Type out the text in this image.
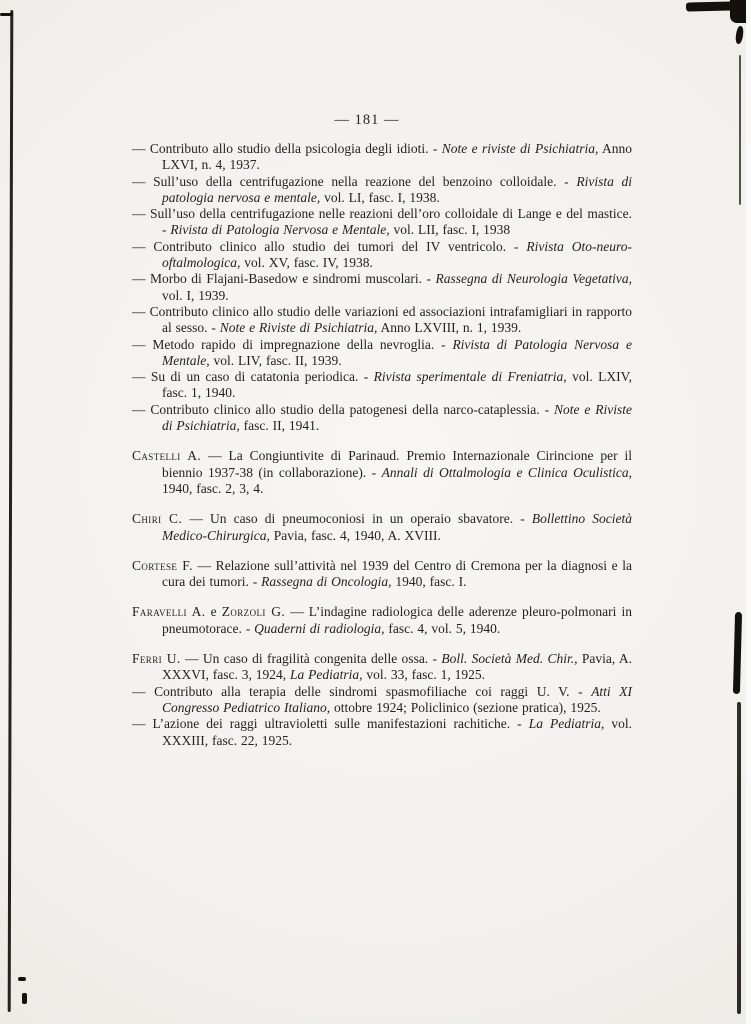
— 181 —

— Contributo allo studio della psicologia degli idioti. - Note e riviste di Psichiatria, Anno LXVI, n. 4, 1937.

— Sull’uso della centrifugazione nella reazione del benzoino colloidale. - Rivista di patologia nervosa e mentale, vol. LI, fasc. I, 1938.

— Sull’uso della centrifugazione nelle reazioni dell’oro colloidale di Lange e del mastice. - Rivista di Patologia Nervosa e Mentale, vol. LII, fasc. I, 1938

— Contributo clinico allo studio dei tumori del IV ventricolo. - Rivista Oto-neuro-oftalmologica, vol. XV, fasc. IV, 1938.

— Morbo di Flajani-Basedow e sindromi muscolari. - Rassegna di Neurologia Vegetativa, vol. I, 1939.

— Contributo clinico allo studio delle variazioni ed associazioni intrafamigliari in rapporto al sesso. - Note e Riviste di Psichiatria, Anno LXVIII, n. 1, 1939.

— Metodo rapido di impregnazione della nevroglia. - Rivista di Patologia Nervosa e Mentale, vol. LIV, fasc. II, 1939.

— Su di un caso di catatonia periodica. - Rivista sperimentale di Freniatria, vol. LXIV, fasc. 1, 1940.

— Contributo clinico allo studio della patogenesi della narco-cataplessia. - Note e Riviste di Psichiatria, fasc. II, 1941.

Castelli A. — La Congiuntivite di Parinaud. Premio Internazionale Cirincione per il biennio 1937-38 (in collaborazione). - Annali di Ottalmologia e Clinica Oculistica, 1940, fasc. 2, 3, 4.

Chiri C. — Un caso di pneumoconiosi in un operaio sbavatore. - Bollettino Società Medico-Chirurgica, Pavia, fasc. 4, 1940, A. XVIII.

Cortese F. — Relazione sull’attività nel 1939 del Centro di Cremona per la diagnosi e la cura dei tumori. - Rassegna di Oncologia, 1940, fasc. I.

Faravelli A. e Zorzoli G. — L’indagine radiologica delle aderenze pleuro-polmonari in pneumotorace. - Quaderni di radiologia, fasc. 4, vol. 5, 1940.

Ferri U. — Un caso di fragilità congenita delle ossa. - Boll. Società Med. Chir., Pavia, A. XXXVI, fasc. 3, 1924, La Pediatria, vol. 33, fasc. 1, 1925.

— Contributo alla terapia delle sindromi spasmofiliache coi raggi U. V. - Atti XI Congresso Pediatrico Italiano, ottobre 1924; Policlinico (sezione pratica), 1925.

— L’azione dei raggi ultravioletti sulle manifestazioni rachitiche. - La Pediatria, vol. XXXIII, fasc. 22, 1925.
